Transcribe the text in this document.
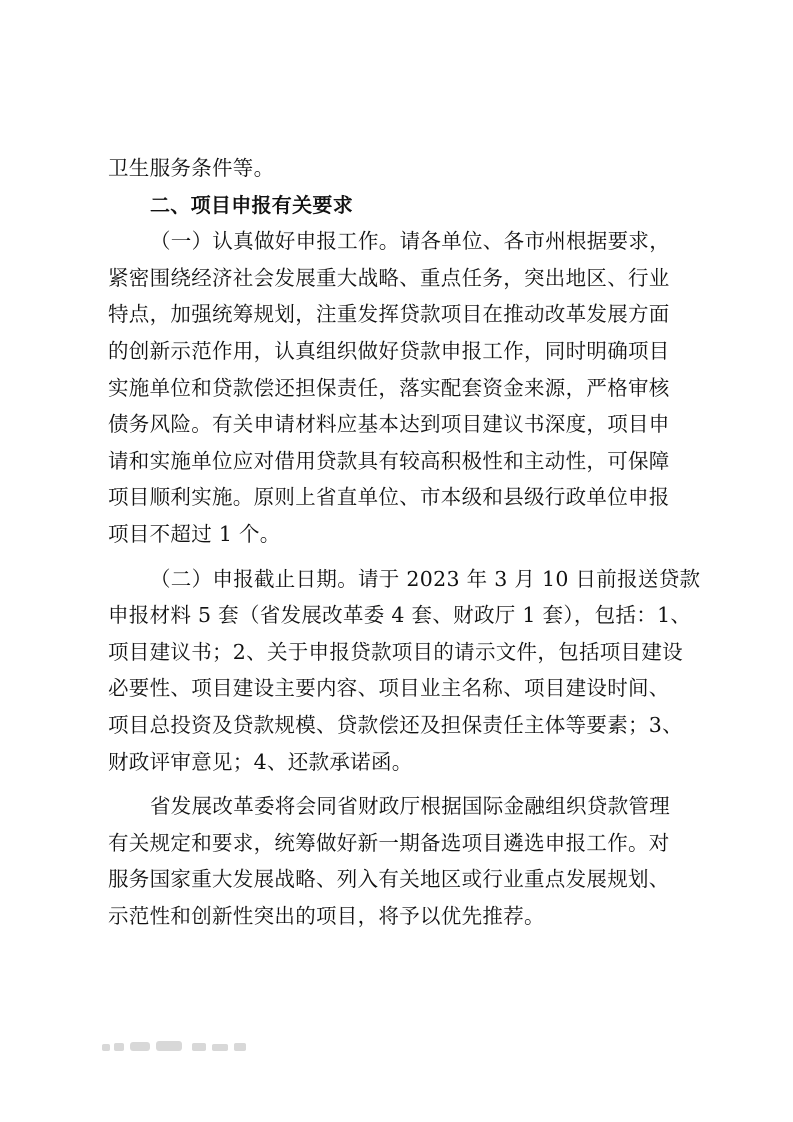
卫生服务条件等。
二、项目申报有关要求
（一）认真做好申报工作。请各单位、各市州根据要求，
紧密围绕经济社会发展重大战略、重点任务，突出地区、行业
特点，加强统筹规划，注重发挥贷款项目在推动改革发展方面
的创新示范作用，认真组织做好贷款申报工作，同时明确项目
实施单位和贷款偿还担保责任，落实配套资金来源，严格审核
债务风险。有关申请材料应基本达到项目建议书深度，项目申
请和实施单位应对借用贷款具有较高积极性和主动性，可保障
项目顺利实施。原则上省直单位、市本级和县级行政单位申报
项目不超过 1 个。
（二）申报截止日期。请于 2023 年 3 月 10 日前报送贷款
申报材料 5 套（省发展改革委 4 套、财政厅 1 套），包括：1、
项目建议书；2、关于申报贷款项目的请示文件，包括项目建设
必要性、项目建设主要内容、项目业主名称、项目建设时间、
项目总投资及贷款规模、贷款偿还及担保责任主体等要素；3、
财政评审意见；4、还款承诺函。
省发展改革委将会同省财政厅根据国际金融组织贷款管理
有关规定和要求，统筹做好新一期备选项目遴选申报工作。对
服务国家重大发展战略、列入有关地区或行业重点发展规划、
示范性和创新性突出的项目，将予以优先推荐。
